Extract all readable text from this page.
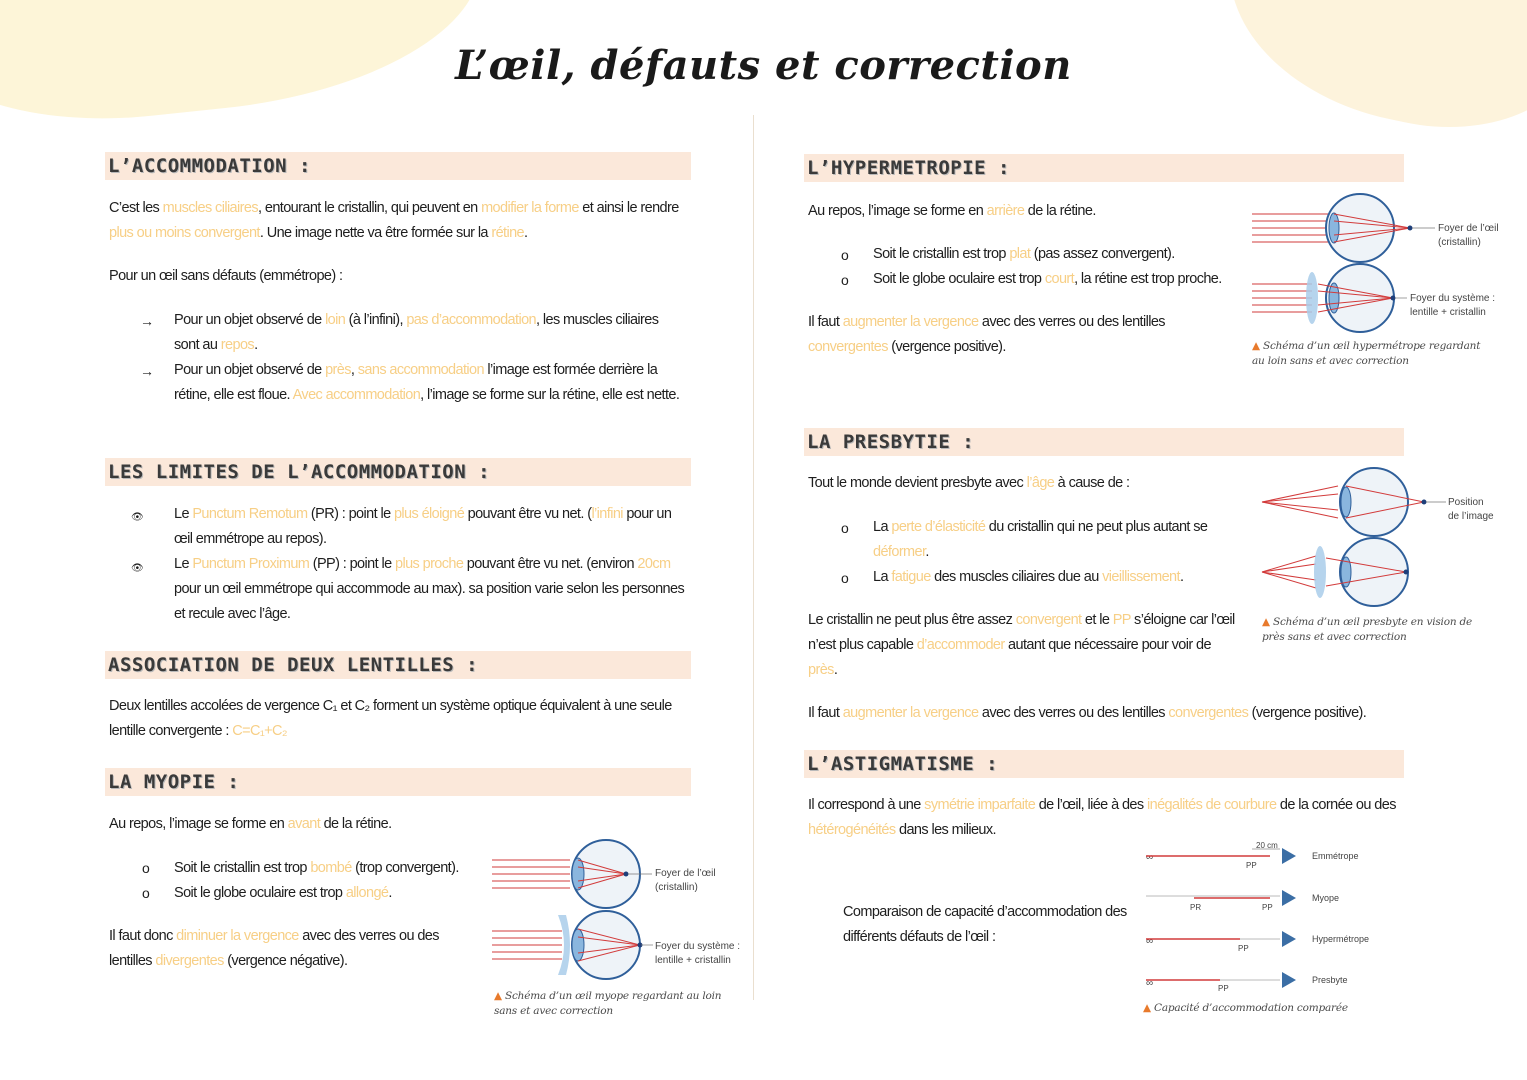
L’œil, défauts et correction
L’ACCOMMODATION :

C’est les muscles ciliaires, entourant le cristallin, qui peuvent en modifier la forme et ainsi le rendre plus ou moins convergent. Une image nette va être formée sur la rétine.

Pour un œil sans défauts (emmétrope) :

→ Pour un objet observé de loin (à l’infini), pas d’accommodation, les muscles ciliaires sont au repos.

→ Pour un objet observé de près, sans accommodation l’image est formée derrière la rétine, elle est floue. Avec accommodation, l’image se forme sur la rétine, elle est nette.

LES LIMITES DE L’ACCOMMODATION :
👁 Le Punctum Remotum (PR) : point le plus éloigné pouvant être vu net. (l’infini pour un œil emmétrope au repos).

👁 Le Punctum Proximum (PP) : point le plus proche pouvant être vu net. (environ 20cm pour un œil emmétrope qui accommode au max). sa position varie selon les personnes et recule avec l’âge.

ASSOCIATION DE DEUX LENTILLES :

Deux lentilles accolées de vergence C₁ et C₂ forment un système optique équivalent à une seule lentille convergente : C=C₁+C₂

LA MYOPIE :

Au repos, l’image se forme en avant de la rétine.

o Soit le cristallin est trop bombé (trop convergent).

o Soit le globe oculaire est trop allongé.

Il faut donc diminuer la vergence avec des verres ou des lentilles divergentes (vergence négative).

Foyer de l’œil
(cristallin)
Foyer du système :
lentille + cristallin

▲ Schéma d’un œil myope regardant au loin sans et avec correction

L’HYPERMETROPIE :

Au repos, l’image se forme en arrière de la rétine.

o Soit le cristallin est trop plat (pas assez convergent).

o Soit le globe oculaire est trop court, la rétine est trop proche.

Il faut augmenter la vergence avec des verres ou des lentilles convergentes (vergence positive).

Foyer de l’œil
(cristallin)
Foyer du système :
lentille + cristallin

▲ Schéma d’un œil hypermétrope regardant au loin sans et avec correction

LA PRESBYTIE :

Tout le monde devient presbyte avec l’âge à cause de :

o La perte d’élasticité du cristallin qui ne peut plus autant se déformer.

o La fatigue des muscles ciliaires due au vieillissement.

Le cristallin ne peut plus être assez convergent et le PP s’éloigne car l’œil n’est plus capable d’accommoder autant que nécessaire pour voir de près.

Il faut augmenter la vergence avec des verres ou des lentilles convergentes (vergence positive).

Position
de l’image

▲ Schéma d’un œil presbyte en vision de près sans et avec correction

L’ASTIGMATISME :

Il correspond à une symétrie imparfaite de l’œil, liée à des inégalités de courbure de la cornée ou des hétérogénéités dans les milieux.

Comparaison de capacité d’accommodation des différents défauts de l’œil :

∞
20 cm
PP
Emmétrope
PR	PP
Myope
∞
PP
Hypermétrope
∞	PP
Presbyte

▲ Capacité d’accommodation comparée
